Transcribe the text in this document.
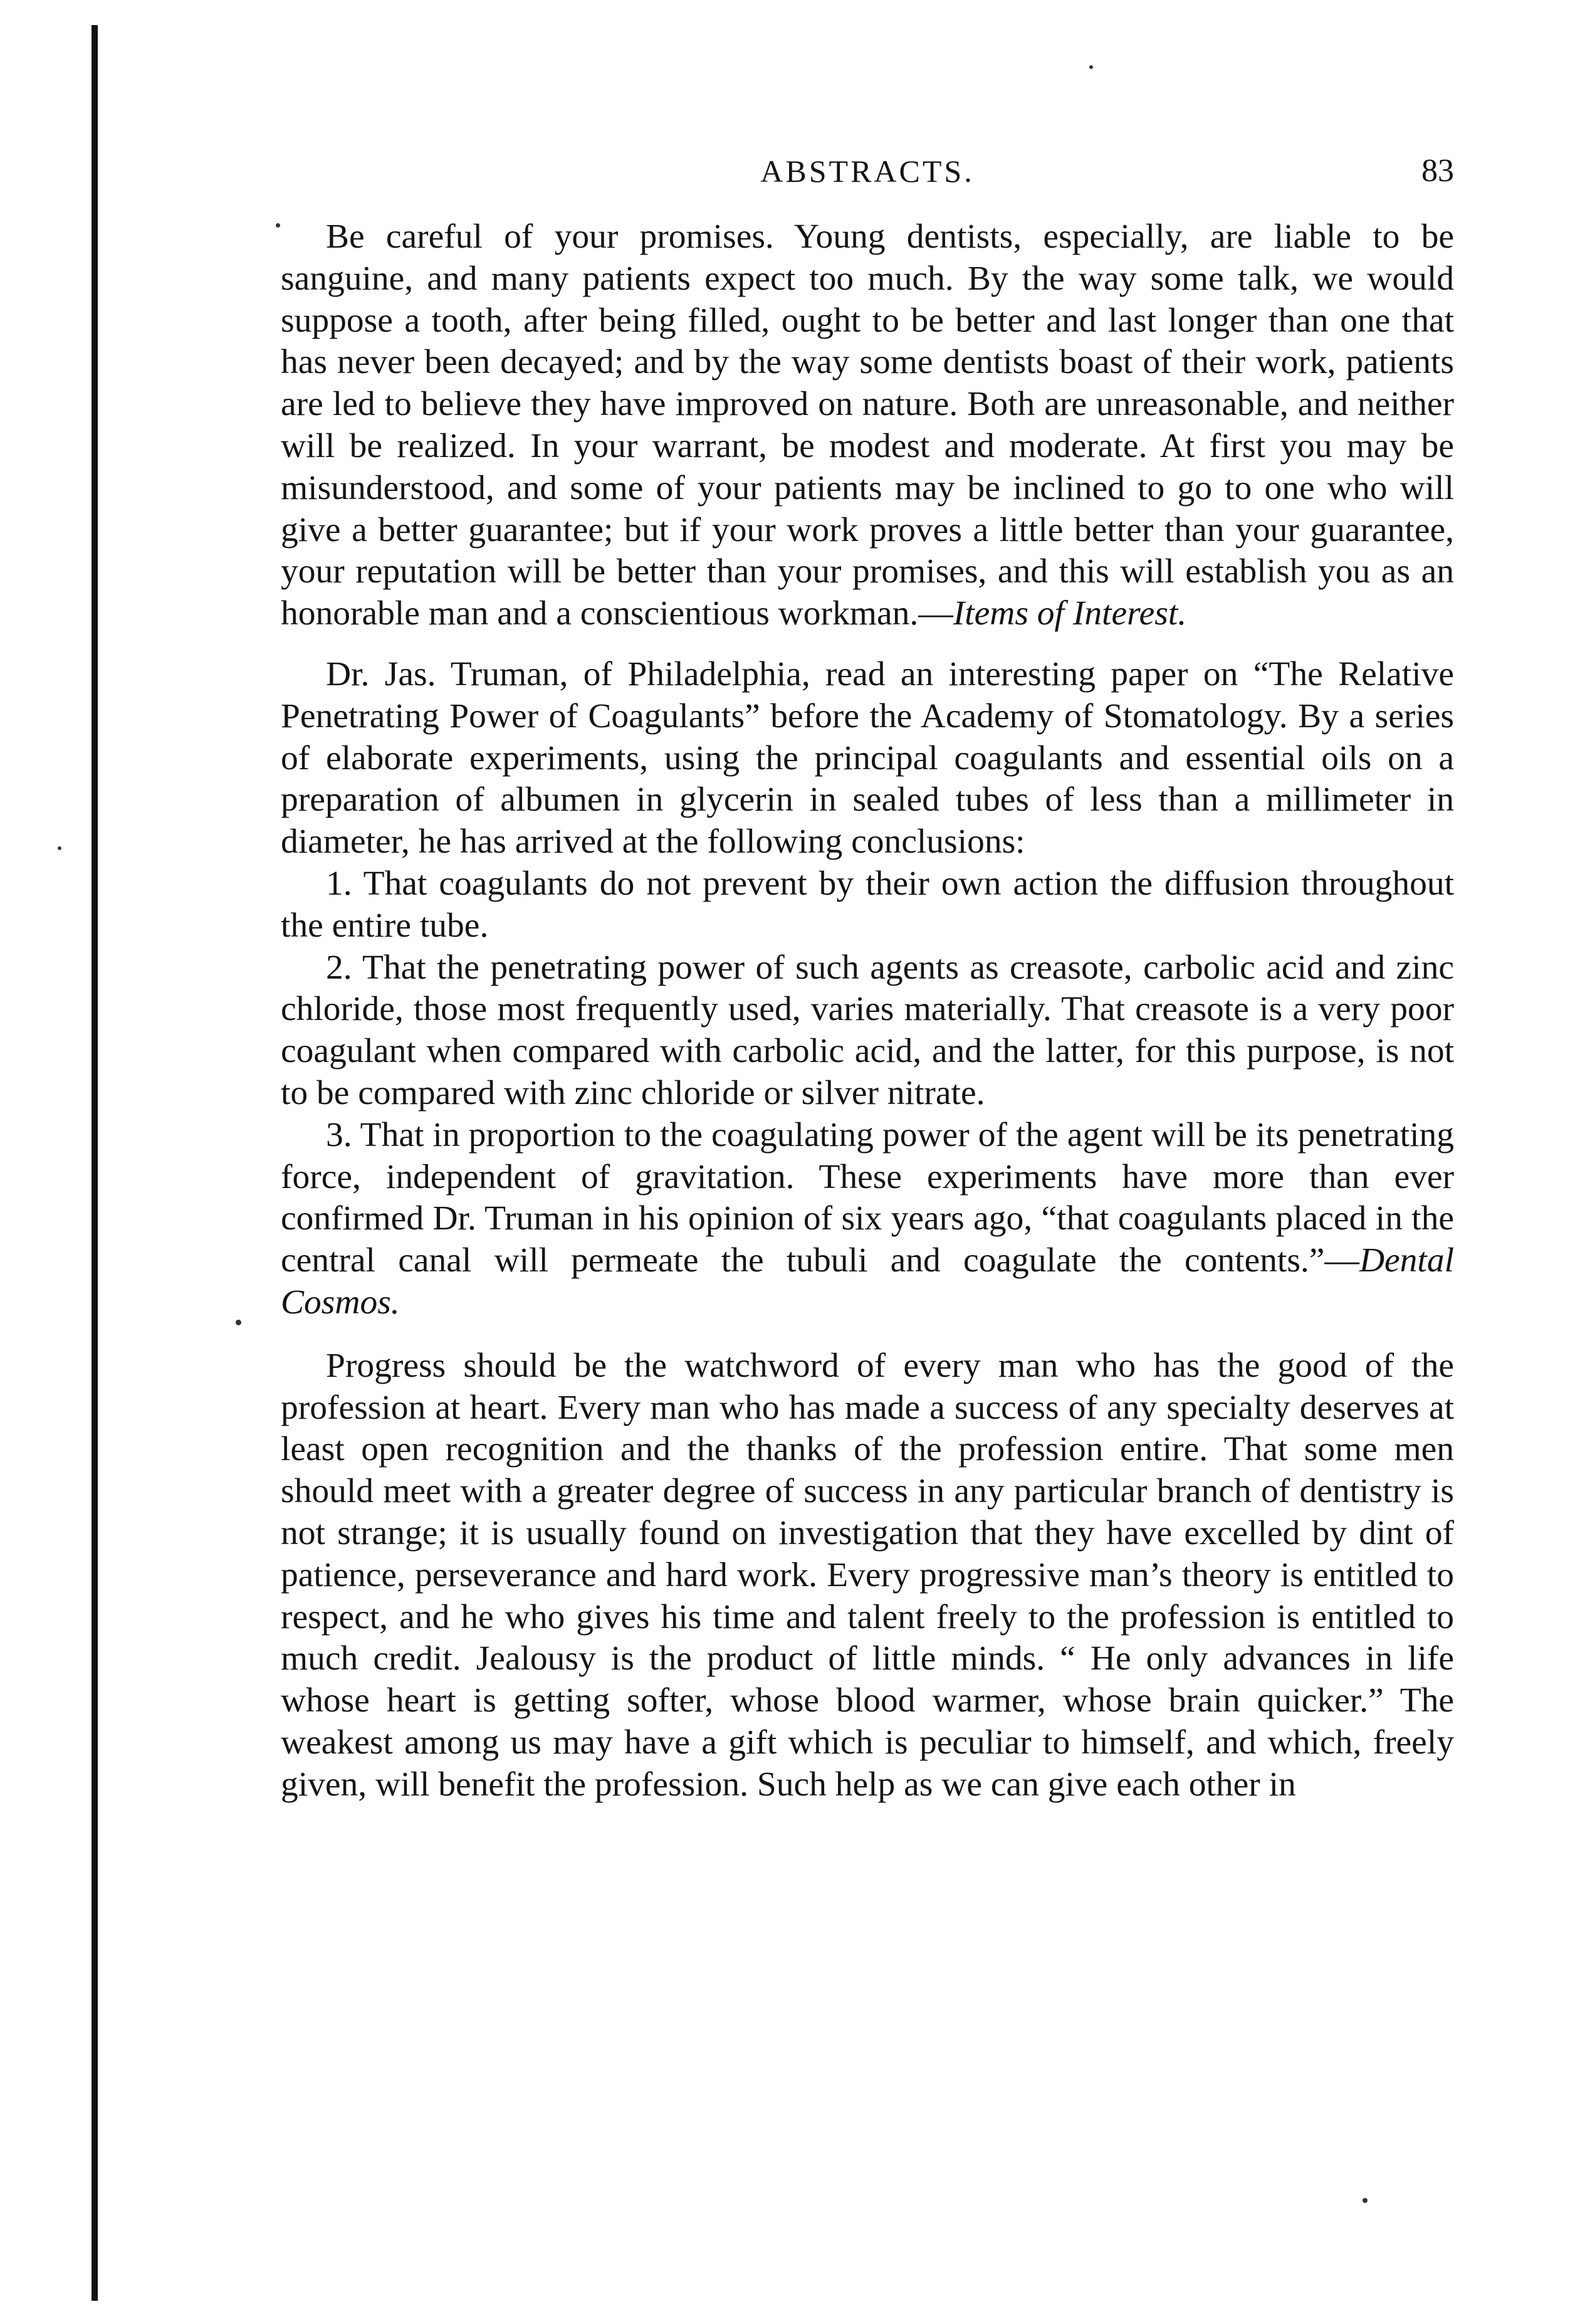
ABSTRACTS.	83

Be careful of your promises. Young dentists, especially, are liable to be sanguine, and many patients expect too much. By the way some talk, we would suppose a tooth, after being filled, ought to be better and last longer than one that has never been decayed; and by the way some dentists boast of their work, patients are led to believe they have improved on nature. Both are unreasonable, and neither will be realized. In your warrant, be modest and moderate. At first you may be misunderstood, and some of your patients may be inclined to go to one who will give a better guarantee; but if your work proves a little better than your guarantee, your reputation will be better than your promises, and this will establish you as an honorable man and a conscientious workman.—Items of Interest.

Dr. Jas. Truman, of Philadelphia, read an interesting paper on “The Relative Penetrating Power of Coagulants” before the Academy of Stomatology. By a series of elaborate experiments, using the principal coagulants and essential oils on a preparation of albumen in glycerin in sealed tubes of less than a millimeter in diameter, he has arrived at the following conclusions:

1. That coagulants do not prevent by their own action the diffusion throughout the entire tube.

2. That the penetrating power of such agents as creasote, carbolic acid and zinc chloride, those most frequently used, varies materially. That creasote is a very poor coagulant when compared with carbolic acid, and the latter, for this purpose, is not to be compared with zinc chloride or silver nitrate.

3. That in proportion to the coagulating power of the agent will be its penetrating force, independent of gravitation. These experiments have more than ever confirmed Dr. Truman in his opinion of six years ago, “that coagulants placed in the central canal will permeate the tubuli and coagulate the contents.”—Dental Cosmos.

Progress should be the watchword of every man who has the good of the profession at heart. Every man who has made a success of any specialty deserves at least open recognition and the thanks of the profession entire. That some men should meet with a greater degree of success in any particular branch of dentistry is not strange; it is usually found on investigation that they have excelled by dint of patience, perseverance and hard work. Every progressive man’s theory is entitled to respect, and he who gives his time and talent freely to the profession is entitled to much credit. Jealousy is the product of little minds. “ He only advances in life whose heart is getting softer, whose blood warmer, whose brain quicker.” The weakest among us may have a gift which is peculiar to himself, and which, freely given, will benefit the profession. Such help as we can give each other in
